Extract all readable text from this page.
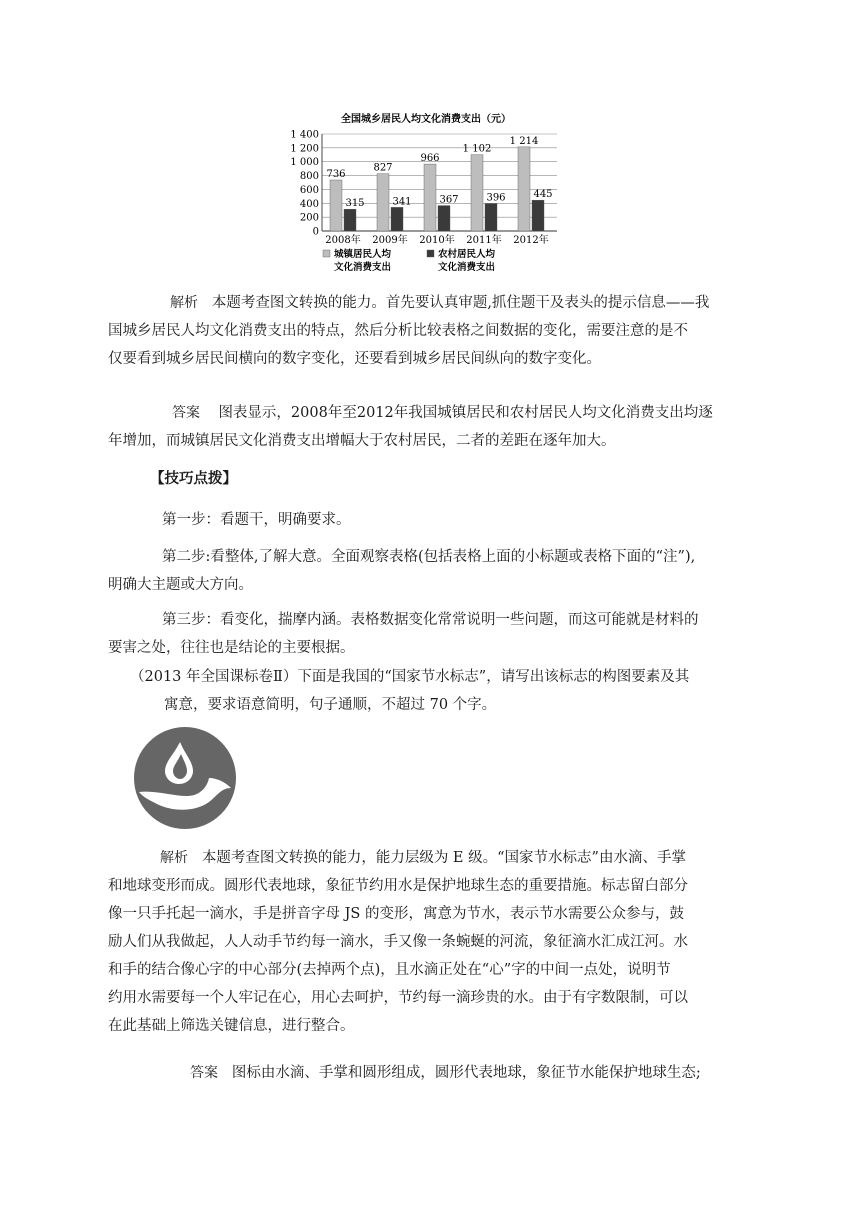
全国城乡居民人均文化消费支出（元）
0
200
400
600
800
1 000
1 200
1 400
736
315
2008年
827
341
2009年
966
367
2010年
1 102
396
2011年
1 214
445
2012年
城镇居民人均
文化消费支出
农村居民人均
文化消费支出
解析 本题考查图文转换的能力。首先要认真审题,抓住题干及表头的提示信息——我
国城乡居民人均文化消费支出的特点，然后分析比较表格之间数据的变化，需要注意的是不
仅要看到城乡居民间横向的数字变化，还要看到城乡居民间纵向的数字变化。
答案 图表显示，2008年至2012年我国城镇居民和农村居民人均文化消费支出均逐
年增加，而城镇居民文化消费支出增幅大于农村居民，二者的差距在逐年加大。
【技巧点拨】
第一步：看题干，明确要求。
第二步:看整体,了解大意。全面观察表格(包括表格上面的小标题或表格下面的“注”),
明确大主题或大方向。
第三步：看变化，揣摩内涵。表格数据变化常常说明一些问题，而这可能就是材料的
要害之处，往往也是结论的主要根据。
（2013 年全国课标卷Ⅱ）下面是我国的“国家节水标志”，请写出该标志的构图要素及其
寓意，要求语意简明，句子通顺，不超过 70 个字。
解析 本题考查图文转换的能力，能力层级为 E 级。“国家节水标志”由水滴、手掌
和地球变形而成。圆形代表地球，象征节约用水是保护地球生态的重要措施。标志留白部分
像一只手托起一滴水，手是拼音字母 JS 的变形，寓意为节水，表示节水需要公众参与，鼓
励人们从我做起，人人动手节约每一滴水，手又像一条蜿蜒的河流，象征滴水汇成江河。水
和手的结合像心字的中心部分(去掉两个点)，且水滴正处在“心”字的中间一点处，说明节
约用水需要每一个人牢记在心，用心去呵护，节约每一滴珍贵的水。由于有字数限制，可以
在此基础上筛选关键信息，进行整合。
答案 图标由水滴、手掌和圆形组成，圆形代表地球，象征节水能保护地球生态;
